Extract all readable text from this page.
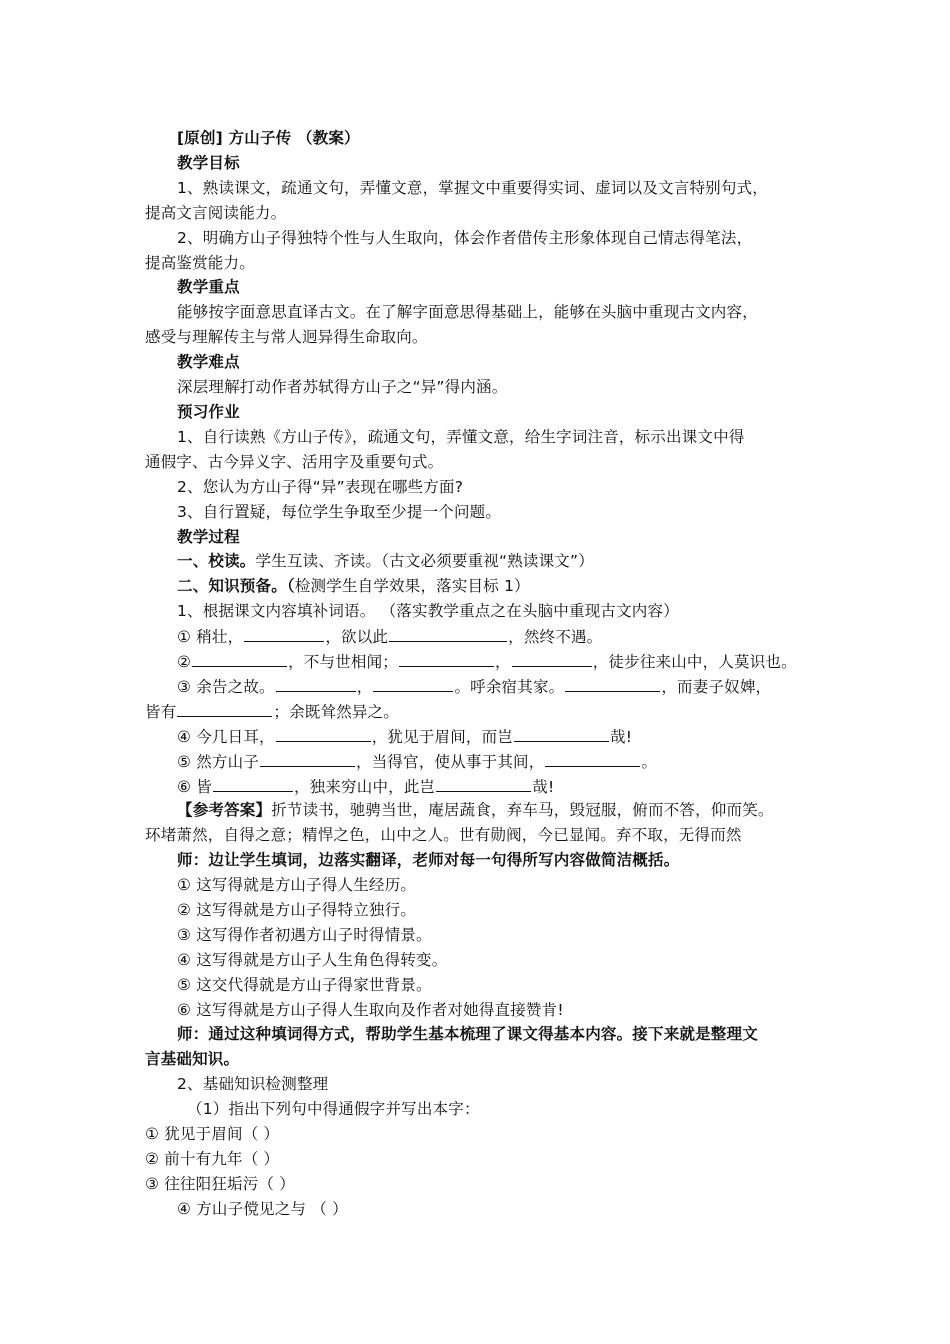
[原创] 方山子传 （教案）
教学目标
1、熟读课文，疏通文句，弄懂文意，掌握文中重要得实词、虚词以及文言特别句式，
提高文言阅读能力。
2、明确方山子得独特个性与人生取向，体会作者借传主形象体现自己情志得笔法，
提高鉴赏能力。
教学重点
能够按字面意思直译古文。在了解字面意思得基础上，能够在头脑中重现古文内容，
感受与理解传主与常人迥异得生命取向。
教学难点
深层理解打动作者苏轼得方山子之“异”得内涵。
预习作业
1、自行读熟《方山子传》，疏通文句，弄懂文意，给生字词注音，标示出课文中得
通假字、古今异义字、活用字及重要句式。
2、您认为方山子得“异”表现在哪些方面?
3、自行置疑，每位学生争取至少提一个问题。
教学过程
一、校读。学生互读、齐读。（古文必须要重视“熟读课文”）
二、知识预备。（检测学生自学效果，落实目标 1）
1、根据课文内容填补词语。 （落实教学重点之在头脑中重现古文内容）
① 稍壮，	，欲以此	，然终不遇。
②	，不与世相闻；	，	，徒步往来山中，人莫识也。
③ 余告之故。	，	。呼余宿其家。	，而妻子奴婢，
皆有	；余既耸然异之。
④ 今几日耳，	，犹见于眉间，而岂	哉!
⑤ 然方山子	，当得官，使从事于其间，	。
⑥ 皆	，独来穷山中，此岂	哉!
【参考答案】折节读书，驰骋当世，庵居蔬食，弃车马，毁冠服，俯而不答，仰而笑。
环堵萧然，自得之意；精悍之色，山中之人。世有勋阀，今已显闻。弃不取，无得而然
师：边让学生填词，边落实翻译，老师对每一句得所写内容做简洁概括。
① 这写得就是方山子得人生经历。
② 这写得就是方山子得特立独行。
③ 这写得作者初遇方山子时得情景。
④ 这写得就是方山子人生角色得转变。
⑤ 这交代得就是方山子得家世背景。
⑥ 这写得就是方山子得人生取向及作者对她得直接赞肯!
师：通过这种填词得方式，帮助学生基本梳理了课文得基本内容。接下来就是整理文
言基础知识。
2、基础知识检测整理
（1）指出下列句中得通假字并写出本字：
① 犹见于眉间（ ）
② 前十有九年（ ）
③ 往往阳狂垢污（ ）
④ 方山子傥见之与 （ ）
